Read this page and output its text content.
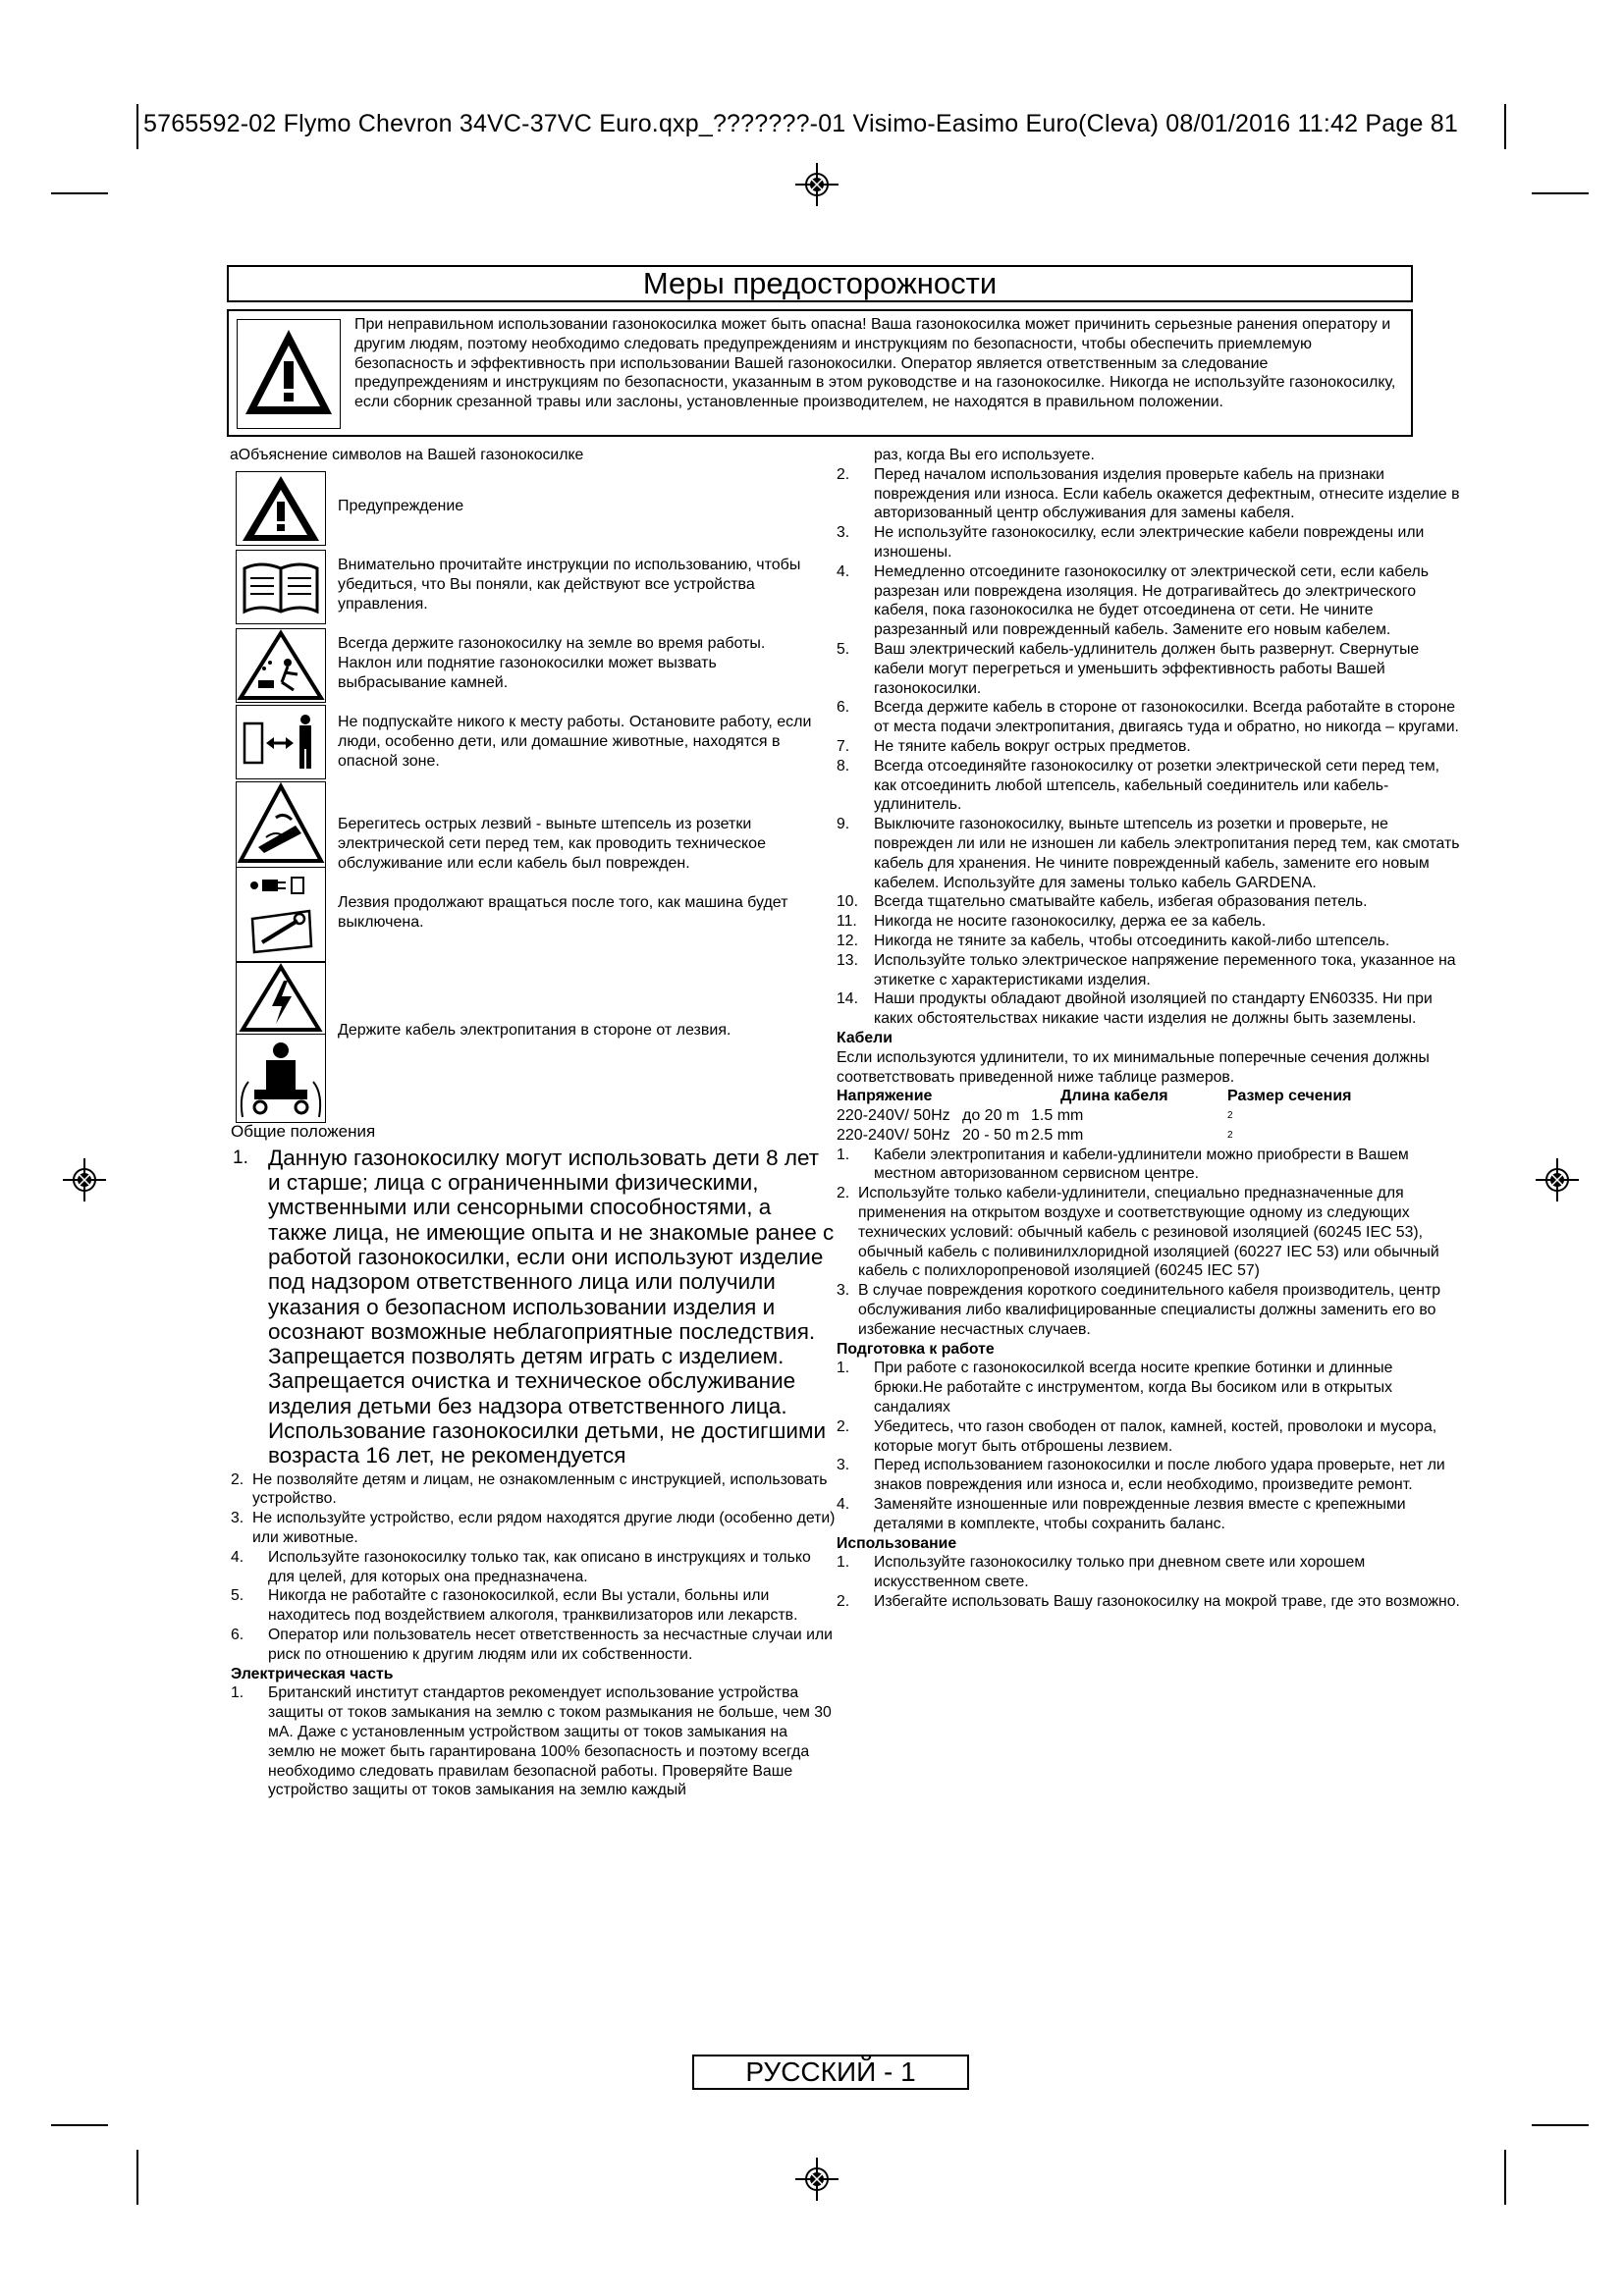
5765592-02 Flymo Chevron 34VC-37VC Euro.qxp_???????-01 Visimo-Easimo Euro(Cleva) 08/01/2016 11:42 Page 81
Меры предосторожности
При неправильном использовании газонокосилка может быть опасна! Ваша газонокосилка может причинить серьезные ранения оператору и другим людям, поэтому необходимо следовать предупреждениям и инструкциям по безопасности, чтобы обеспечить приемлемую безопасность и эффективность при использовании Вашей газонокосилки. Оператор является ответственным за следование предупреждениям и инструкциям по безопасности, указанным в этом руководстве и на газонокосилке. Никогда не используйте газонокосилку, если сборник срезанной травы или заслоны, установленные производителем, не находятся в правильном положении.
аОбъяснение символов на Вашей газонокосилке
Предупреждение
Внимательно прочитайте инструкции по использованию, чтобы убедиться, что Вы поняли, как действуют все устройства управления.
Всегда держите газонокосилку на земле во время работы. Наклон или поднятие газонокосилки может вызвать выбрасывание камней.
Не подпускайте никого к месту работы. Остановите работу, если люди, особенно дети, или домашние животные, находятся в опасной зоне.
Берегитесь острых лезвий - выньте штепсель из розетки электрической сети перед тем, как проводить техническое обслуживание или если кабель был поврежден.
Лезвия продолжают вращаться после того, как машина будет выключена.
Держите кабель электропитания в стороне от лезвия.

Общие положения

1. Данную газонокосилку могут использовать дети 8 лет и старше; лица с ограниченными физическими, умственными или сенсорными способностями, а также лица, не имеющие опыта и не знакомые ранее с работой газонокосилки, если они используют изделие под надзором ответственного лица или получили указания о безопасном использовании изделия и осознают возможные неблагоприятные последствия. Запрещается позволять детям играть с изделием. Запрещается очистка и техническое обслуживание изделия детьми без надзора ответственного лица. Использование газонокосилки детьми, не достигшими возраста 16 лет, не рекомендуется
2. Не позволяйте детям и лицам, не ознакомленным с инструкцией, использовать устройство.
3. Не используйте устройство, если рядом находятся другие люди (особенно дети) или животные.
4.	Используйте газонокосилку только так, как описано в инструкциях и только для целей, для которых она предназначена.
5.	Никогда не работайте с газонокосилкой, если Вы устали, больны или находитесь под воздействием алкоголя, транквилизаторов или лекарств.
6.	Оператор или пользователь несет ответственность за несчастные случаи или риск по отношению к другим людям или их собственности.

Электрическая часть

1.	Британский институт стандартов рекомендует использование устройства защиты от токов замыкания на землю с током размыкания не больше, чем 30 мА. Даже с установленным устройством защиты от токов замыкания на землю не может быть гарантирована 100% безопасность и поэтому всегда необходимо следовать правилам безопасной работы. Проверяйте Ваше устройство защиты от токов замыкания на землю каждый

раз, когда Вы его используете.

2.	Перед началом использования изделия проверьте кабель на признаки повреждения или износа. Если кабель окажется дефектным, отнесите изделие в авторизованный центр обслуживания для замены кабеля.
3.	Не используйте газонокосилку, если электрические кабели повреждены или изношены.
4.	Немедленно отсоедините газонокосилку от электрической сети, если кабель разрезан или повреждена изоляция. Не дотрагивайтесь до электрического кабеля, пока газонокосилка не будет отсоединена от сети. Не чините разрезанный или поврежденный кабель. Замените его новым кабелем.
5.	Ваш электрический кабель-удлинитель должен быть развернут. Свернутые кабели могут перегреться и уменьшить эффективность работы Вашей газонокосилки.
6.	Всегда держите кабель в стороне от газонокосилки. Всегда работайте в стороне от места подачи электропитания, двигаясь туда и обратно, но никогда – кругами.
7.	Не тяните кабель вокруг острых предметов.
8.	Всегда отсоединяйте газонокосилку от розетки электрической сети перед тем, как отсоединить любой штепсель, кабельный соединитель или кабель-удлинитель.
9.	Выключите газонокосилку, выньте штепсель из розетки и проверьте, не поврежден ли или не изношен ли кабель электропитания перед тем, как смотать кабель для хранения. Не чините поврежденный кабель, замените его новым кабелем. Используйте для замены только кабель GARDENA.
10.	Всегда тщательно сматывайте кабель, избегая образования петель.
11.	Никогда не носите газонокосилку, держа ее за кабель.
12.	Никогда не тяните за кабель, чтобы отсоединить какой-либо штепсель.
13.	Используйте только электрическое напряжение переменного тока, указанное на этикетке с характеристиками изделия.
14.	Наши продукты обладают двойной изоляцией по стандарту EN60335. Ни при каких обстоятельствах никакие части изделия не должны быть заземлены.

Кабели

Если используются удлинители, то их минимальные поперечные сечения должны соответствовать приведенной ниже таблице размеров.

Напряжение	Длина кабеля	Размер сечения
220-240V/ 50Hz до 20 m 1.5 mm	2
220-240V/ 50Hz 20 - 50 m 2.5 mm	2
1.	Кабели электропитания и кабели-удлинители можно приобрести в Вашем местном авторизованном сервисном центре.
2. Используйте только кабели-удлинители, специально предназначенные для применения на открытом воздухе и соответствующие одному из следующих технических условий: обычный кабель с резиновой изоляцией (60245 IEC 53), обычный кабель с поливинилхлоридной изоляцией (60227 IEC 53) или обычный кабель с полихлоропреновой изоляцией (60245 IEC 57)
3. В случае повреждения короткого соединительного кабеля производитель, центр обслуживания либо квалифицированные специалисты должны заменить его во избежание несчастных случаев.

Подготовка к работе

1.	При работе с газонокосилкой всегда носите крепкие ботинки и длинные брюки.Не работайте с инструментом, когда Вы босиком или в открытых сандалиях
2.	Убедитесь, что газон свободен от палок, камней, костей, проволоки и мусора, которые могут быть отброшены лезвием.
3.	Перед использованием газонокосилки и после любого удара проверьте, нет ли знаков повреждения или износа и, если необходимо, произведите ремонт.
4.	Заменяйте изношенные или поврежденные лезвия вместе с крепежными деталями в комплекте, чтобы сохранить баланс.

Использование

1.	Используйте газонокосилку только при дневном свете или хорошем искусственном свете.
2.	Избегайте использовать Вашу газонокосилку на мокрой траве, где это возможно.
РУССКИЙ - 1
